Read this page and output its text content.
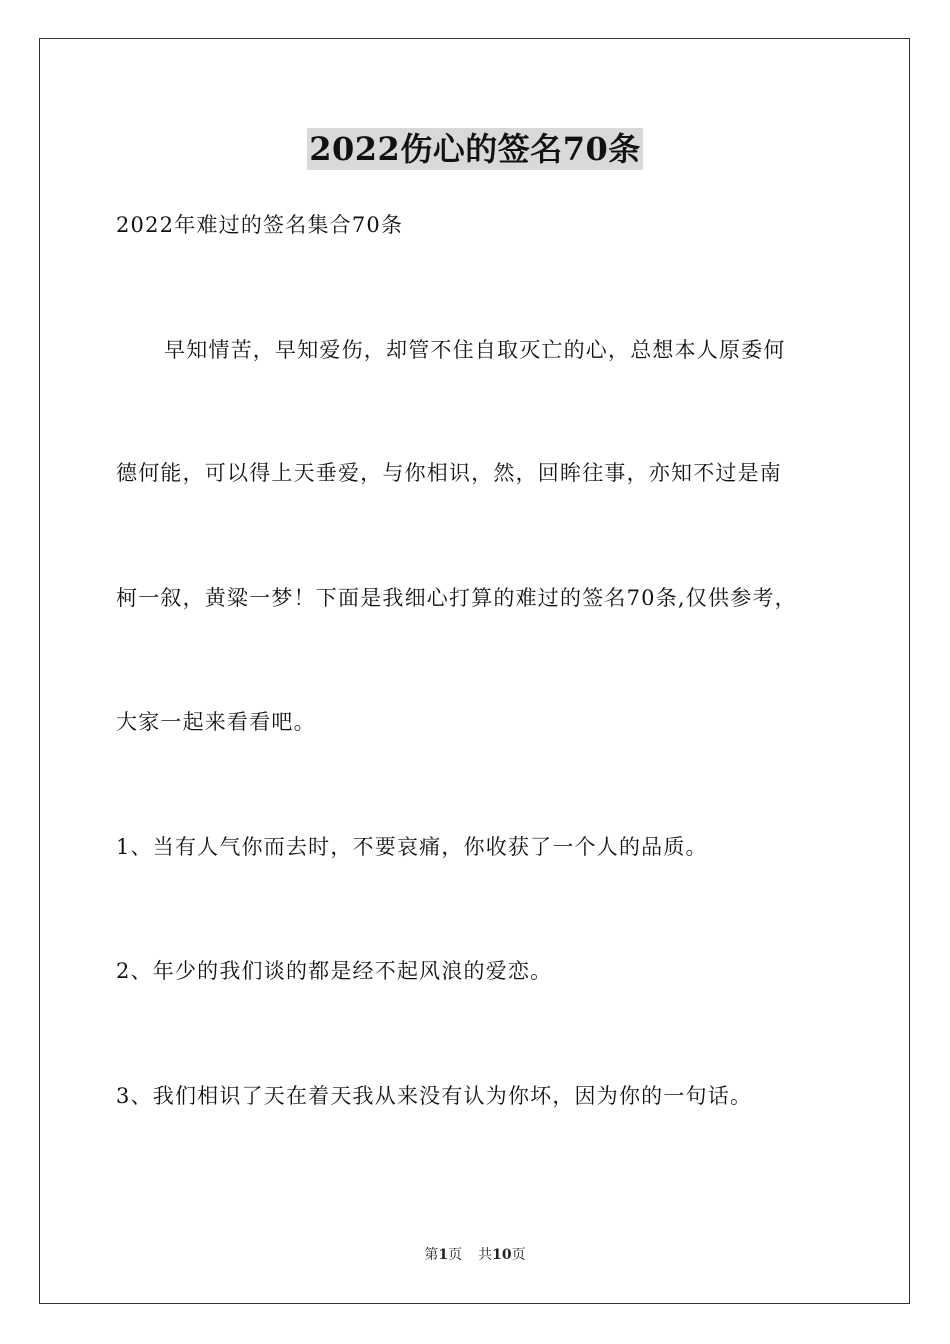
2022伤心的签名70条
2022年难过的签名集合70条
早知情苦，早知爱伤，却管不住自取灭亡的心，总想本人原委何
德何能，可以得上天垂爱，与你相识，然，回眸往事，亦知不过是南
柯一叙，黄粱一梦！下面是我细心打算的难过的签名70条,仅供参考，
大家一起来看看吧。
1、当有人气你而去时，不要哀痛，你收获了一个人的品质。
2、年少的我们谈的都是经不起风浪的爱恋。
3、我们相识了天在着天我从来没有认为你坏，因为你的一句话。
第1页 共10页
